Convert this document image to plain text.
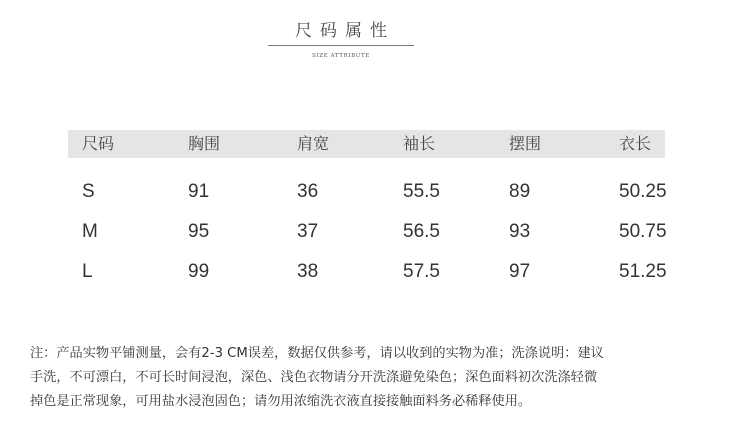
尺码属性
SIZE ATTRIBUTE
尺码	胸围	肩宽	袖长	摆围	衣长
S	91	36	55.5	89	50.25
M	95	37	56.5	93	50.75
L	99	38	57.5	97	51.25
注：产品实物平铺测量，会有2-3 CM误差，数据仅供参考，请以收到的实物为准；洗涤说明：建议
手洗，不可漂白，不可长时间浸泡，深色、浅色衣物请分开洗涤避免染色；深色面料初次洗涤轻微
掉色是正常现象，可用盐水浸泡固色；请勿用浓缩洗衣液直接接触面料务必稀释使用。
